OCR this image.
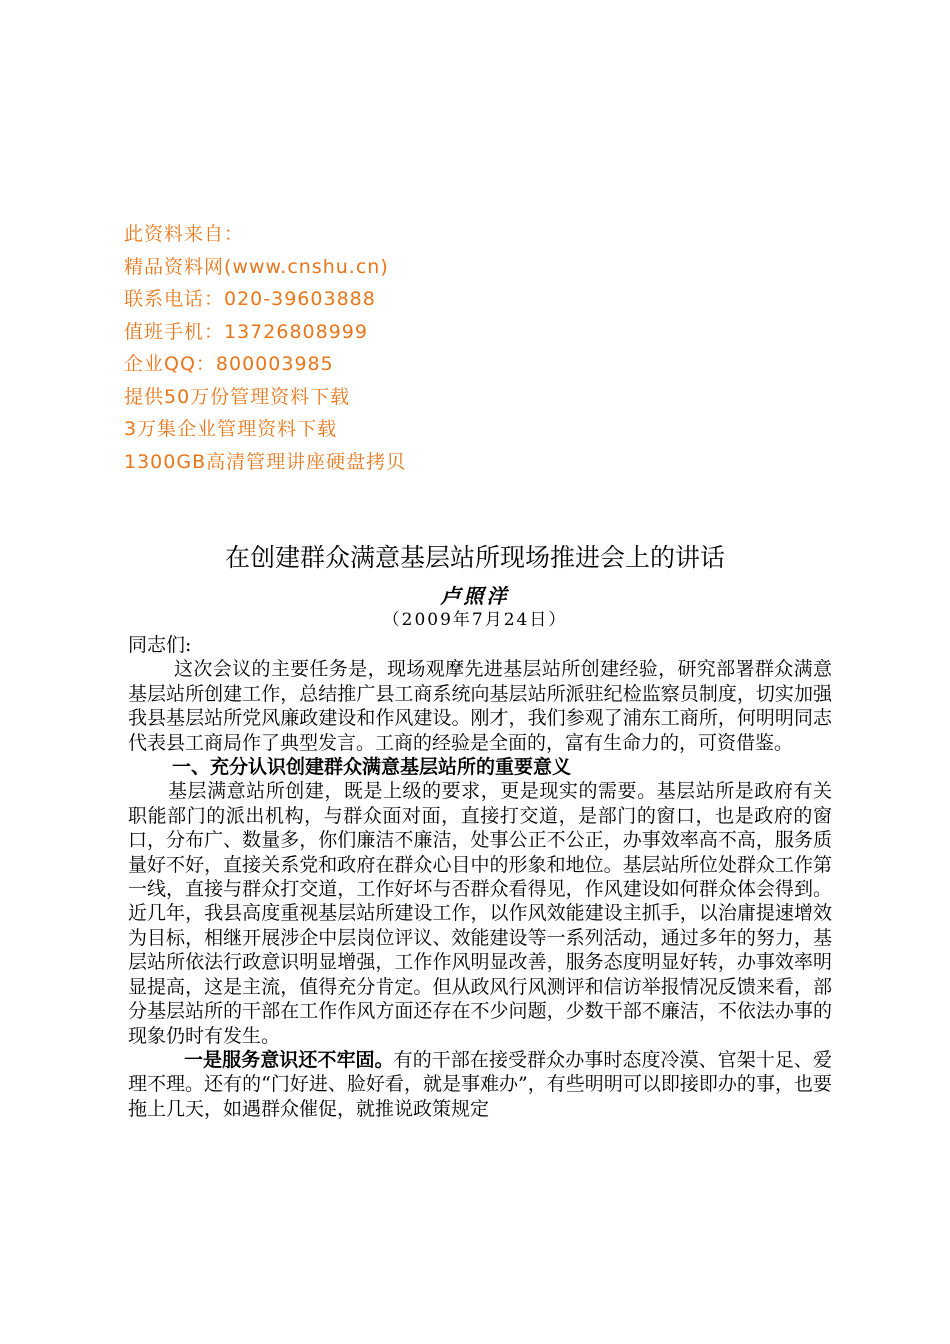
此资料来自：
精品资料网(www.cnshu.cn)
联系电话：020-39603888
值班手机：13726808999
企业QQ：800003985
提供50万份管理资料下载
3万集企业管理资料下载
1300GB高清管理讲座硬盘拷贝
在创建群众满意基层站所现场推进会上的讲话
卢照洋
（2009年7月24日）

同志们:

这次会议的主要任务是，现场观摩先进基层站所创建经验，研究部署群众满意基层站所创建工作，总结推广县工商系统向基层站所派驻纪检监察员制度，切实加强我县基层站所党风廉政建设和作风建设。刚才，我们参观了浦东工商所，何明明同志代表县工商局作了典型发言。工商的经验是全面的，富有生命力的，可资借鉴。

一、充分认识创建群众满意基层站所的重要意义

基层满意站所创建，既是上级的要求，更是现实的需要。基层站所是政府有关职能部门的派出机构，与群众面对面，直接打交道，是部门的窗口，也是政府的窗口，分布广、数量多，你们廉洁不廉洁，处事公正不公正，办事效率高不高，服务质量好不好，直接关系党和政府在群众心目中的形象和地位。基层站所位处群众工作第一线，直接与群众打交道，工作好坏与否群众看得见，作风建设如何群众体会得到。近几年，我县高度重视基层站所建设工作，以作风效能建设主抓手，以治庸提速增效为目标，相继开展涉企中层岗位评议、效能建设等一系列活动，通过多年的努力，基层站所依法行政意识明显增强，工作作风明显改善，服务态度明显好转，办事效率明显提高，这是主流，值得充分肯定。但从政风行风测评和信访举报情况反馈来看，部分基层站所的干部在工作作风方面还存在不少问题，少数干部不廉洁，不依法办事的现象仍时有发生。

一是服务意识还不牢固。有的干部在接受群众办事时态度冷漠、官架十足、爱理不理。还有的“门好进、脸好看，就是事难办”，有些明明可以即接即办的事，也要拖上几天，如遇群众催促，就推说政策规定
